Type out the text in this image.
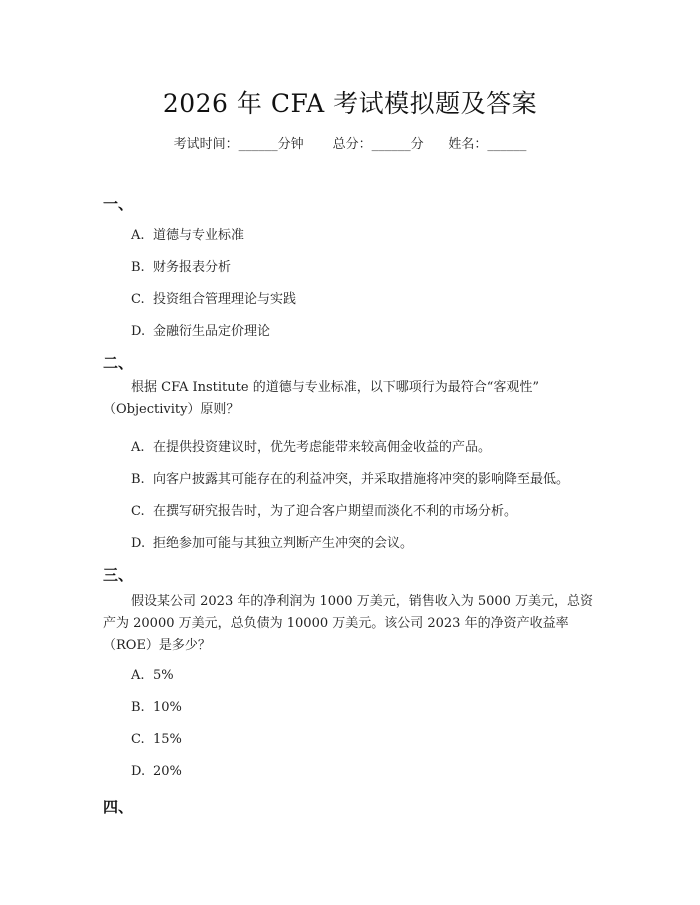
2026 年 CFA 考试模拟题及答案
考试时间：______分钟 总分：______分 姓名：______
一、
A. 道德与专业标准
B. 财务报表分析
C. 投资组合管理理论与实践
D. 金融衍生品定价理论
二、
根据 CFA Institute 的道德与专业标准，以下哪项行为最符合“客观性”
（Objectivity）原则？
A. 在提供投资建议时，优先考虑能带来较高佣金收益的产品。
B. 向客户披露其可能存在的利益冲突，并采取措施将冲突的影响降至最低。
C. 在撰写研究报告时，为了迎合客户期望而淡化不利的市场分析。
D. 拒绝参加可能与其独立判断产生冲突的会议。
三、
假设某公司 2023 年的净利润为 1000 万美元，销售收入为 5000 万美元，总资
产为 20000 万美元，总负债为 10000 万美元。该公司 2023 年的净资产收益率
（ROE）是多少？
A. 5%
B. 10%
C. 15%
D. 20%
四、
